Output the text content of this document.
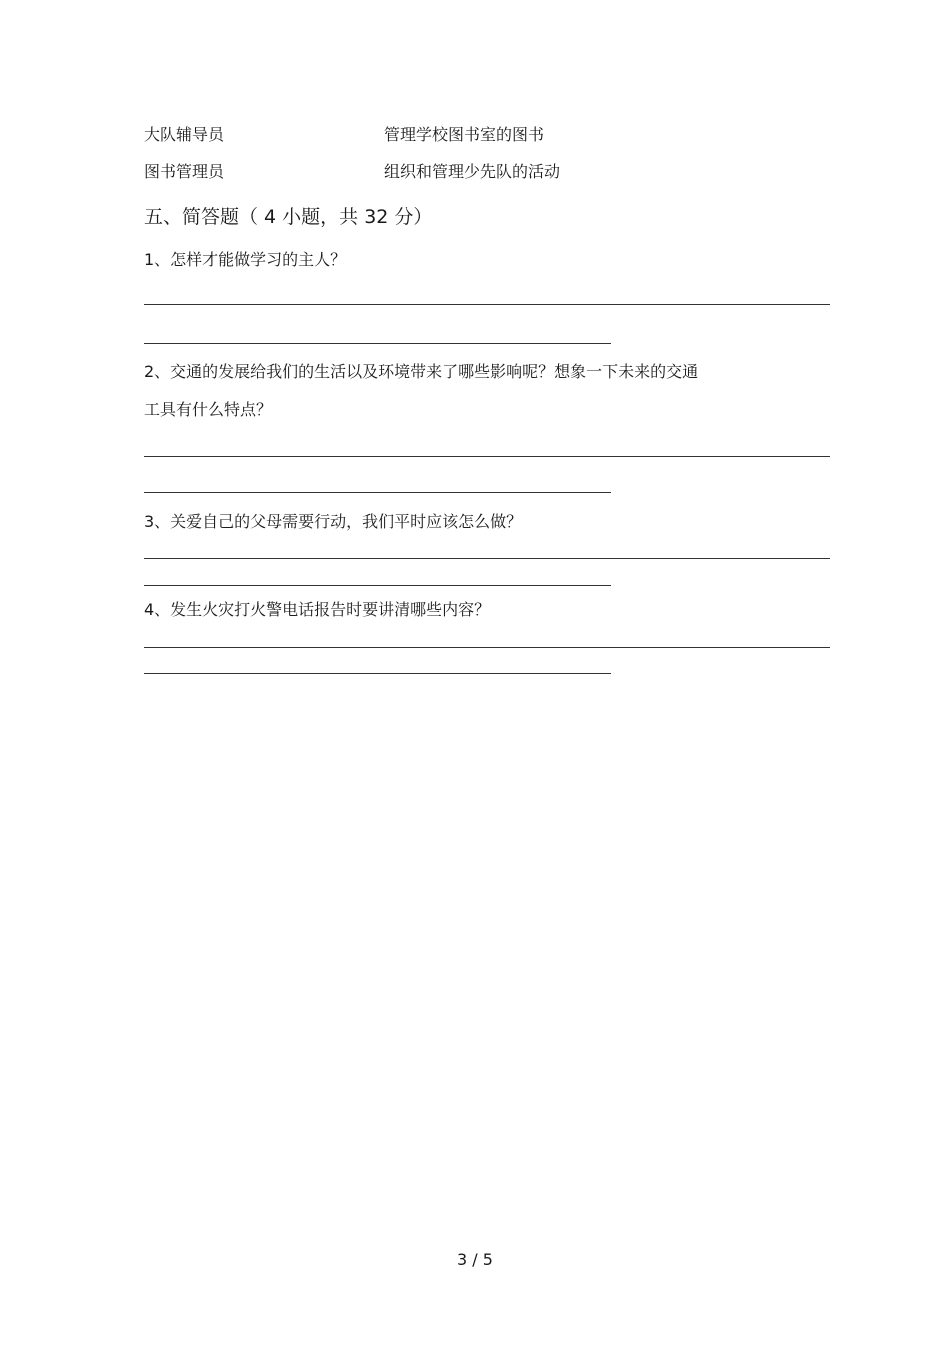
大队辅导员	管理学校图书室的图书
图书管理员	组织和管理少先队的活动
五、简答题（ 4 小题，共 32 分）
1、怎样才能做学习的主人？
2、交通的发展给我们的生活以及环境带来了哪些影响呢？想象一下未来的交通
工具有什么特点？
3、关爱自己的父母需要行动，我们平时应该怎么做？
4、发生火灾打火警电话报告时要讲清哪些内容？
3 / 5
